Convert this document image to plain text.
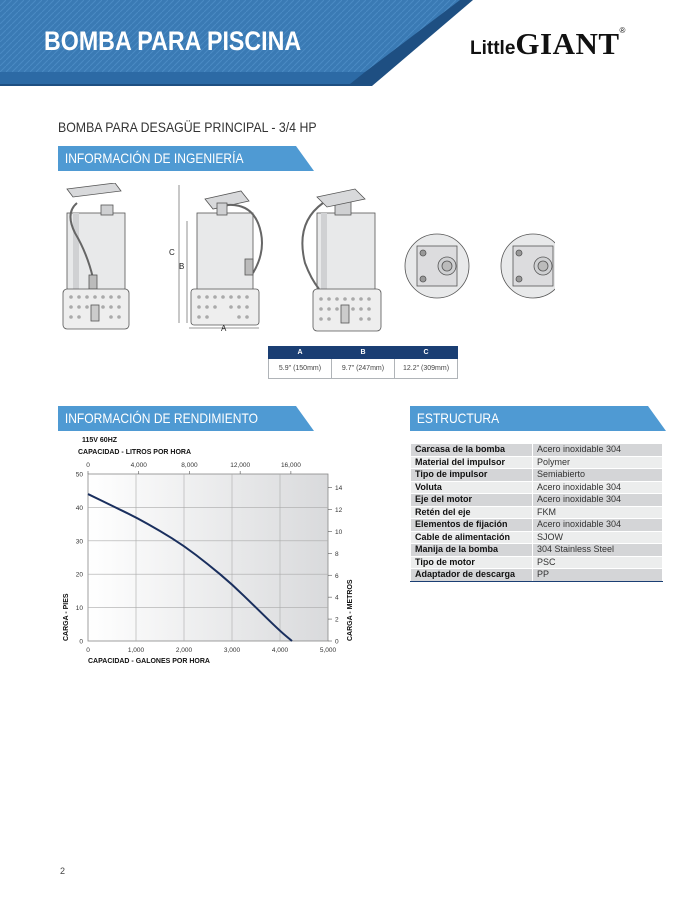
BOMBA PARA PISCINA	LittleGIANT®
BOMBA PARA DESAGÜE PRINCIPAL - 3/4 HP
INFORMACIÓN DE INGENIERÍA
C
B
A
A	B	C
5.9" (150mm)	9.7" (247mm)	12.2" (309mm)
INFORMACIÓN DE RENDIMIENTO	ESTRUCTURA
Carcasa de la bomba	Acero inoxidable 304
Material del impulsor	Polymer
Tipo de impulsor	Semiabierto
Voluta	Acero inoxidable 304
Eje del motor	Acero inoxidable 304
Retén del eje	FKM
Elementos de fijación	Acero inoxidable 304
Cable de alimentación	SJOW
Manija de la bomba	304 Stainless Steel
Tipo de motor	PSC
Adaptador de descarga	PP
115V 60HZ
CAPACIDAD - LITROS POR HORA
0	4,000	8,000	12,000	16,000
0	1,000	2,000	3,000	4,000	5,000
CAPACIDAD - GALONES POR HORA
0
10
20
30
40
50
CARGA - PIES
0
2
4
6
8
10
12
14
CARGA - METROS
2
